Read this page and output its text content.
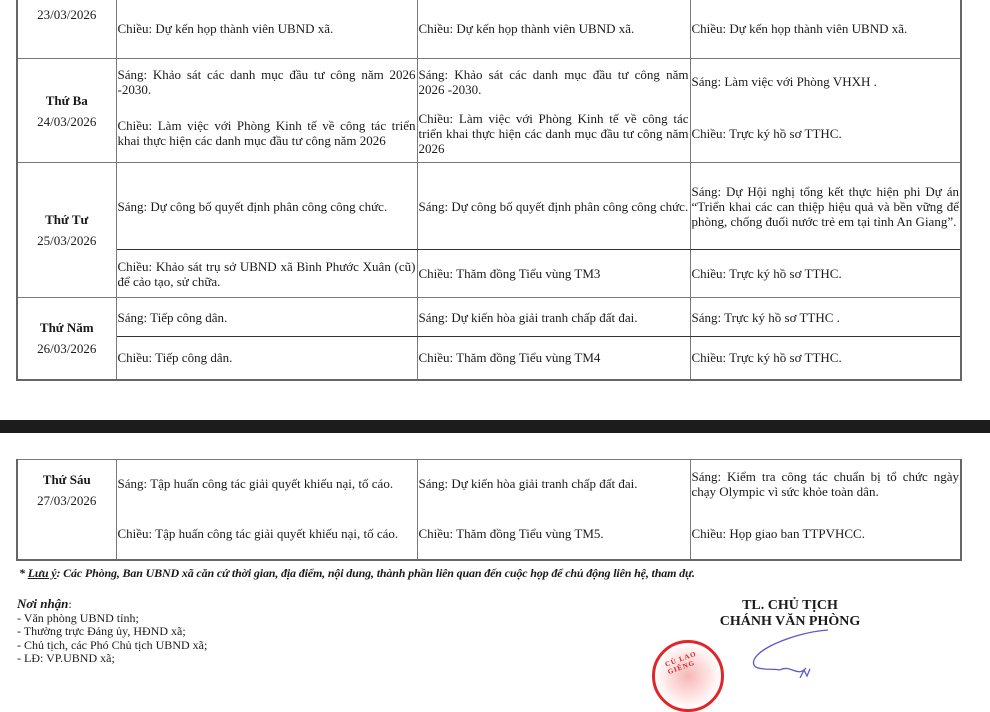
23/03/2026			

	Chiều: Dự kến họp thành viên UBND xã.	Chiều: Dự kến họp thành viên UBND xã.	Chiều: Dự kến họp thành viên UBND xã.

Thứ Ba
24/03/2026	Sáng: Khảo sát các danh mục đầu tư công năm 2026 -2030.	Sáng: Khảo sát các danh mục đầu tư công năm 2026 -2030.	Sáng: Làm việc với Phòng VHXH .
	Chiều: Làm việc với Phòng Kinh tế về công tác triển khai thực hiện các danh mục đầu tư công năm 2026	Chiều: Làm việc với Phòng Kinh tế về công tác triển khai thực hiện các danh mục đầu tư công năm 2026	Chiều: Trực ký hồ sơ TTHC.

Thứ Tư
25/03/2026	Sáng: Dự công bố quyết định phân công công chức.	Sáng: Dự công bố quyết định phân công công chức.	Sáng: Dự Hội nghị tổng kết thực hiện phi Dự án “Triển khai các can thiệp hiệu quả và bền vững để phòng, chống đuối nước trẻ em tại tỉnh An Giang”.
	Chiều: Khảo sát trụ sở UBND xã Bình Phước Xuân (cũ) để cảo tạo, sử chữa.	Chiều: Thăm đồng Tiểu vùng TM3	Chiều: Trực ký hồ sơ TTHC.

Thứ Năm
26/03/2026	Sáng: Tiếp công dân.	Sáng: Dự kiến hòa giải tranh chấp đất đai.	Sáng: Trực ký hồ sơ TTHC .
	Chiều: Tiếp công dân.	Chiều: Thăm đồng Tiểu vùng TM4	Chiều: Trực ký hồ sơ TTHC.
Thứ Sáu
27/03/2026	Sáng: Tập huấn công tác giải quyết khiếu nại, tố cáo.	Sáng: Dự kiến hòa giải tranh chấp đất đai.	Sáng: Kiểm tra công tác chuẩn bị tổ chức ngày chạy Olympic vì sức khỏe toàn dân.
	Chiều: Tập huấn công tác giải quyết khiếu nại, tố cáo.	Chiều: Thăm đồng Tiểu vùng TM5.	Chiều: Họp giao ban TTPVHCC.
* Lưu ý: Các Phòng, Ban UBND xã căn cứ thời gian, địa điểm, nội dung, thành phần liên quan đến cuộc họp để chủ động liên hệ, tham dự.
Nơi nhận:
- Văn phòng UBND tỉnh;
- Thường trực Đảng ủy, HĐND xã;
- Chủ tịch, các Phó Chủ tịch UBND xã;
- LĐ: VP.UBND xã;
TL. CHỦ TỊCH
CHÁNH VĂN PHÒNG
CÙ LAO GIÊNG
